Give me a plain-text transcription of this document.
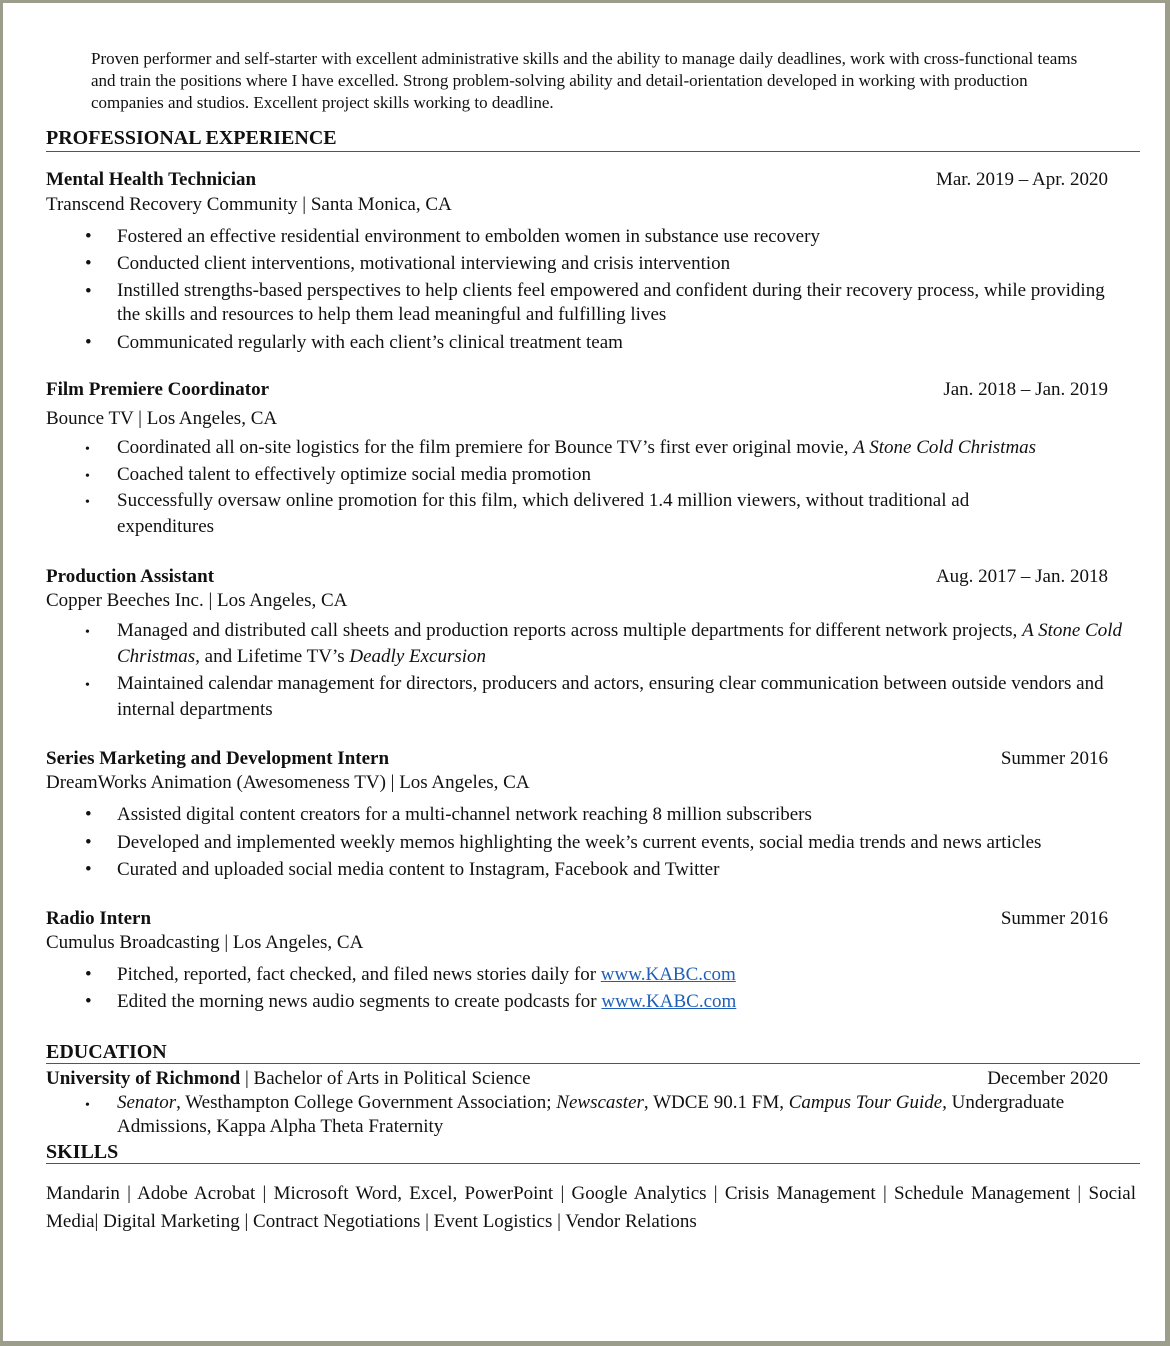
Proven performer and self-starter with excellent administrative skills and the ability to manage daily deadlines, work with cross-functional teams and train the positions where I have excelled. Strong problem-solving ability and detail-orientation developed in working with production companies and studios. Excellent project skills working to deadline.
PROFESSIONAL EXPERIENCE
Mental Health Technician	Mar. 2019 – Apr. 2020
Transcend Recovery Community | Santa Monica, CA
• Fostered an effective residential environment to embolden women in substance use recovery
• Conducted client interventions, motivational interviewing and crisis intervention
• Instilled strengths-based perspectives to help clients feel empowered and confident during their recovery process, while providing the skills and resources to help them lead meaningful and fulfilling lives
• Communicated regularly with each client’s clinical treatment team
Film Premiere Coordinator	Jan. 2018 – Jan. 2019
Bounce TV | Los Angeles, CA
• Coordinated all on-site logistics for the film premiere for Bounce TV’s first ever original movie, A Stone Cold Christmas
• Coached talent to effectively optimize social media promotion
• Successfully oversaw online promotion for this film, which delivered 1.4 million viewers, without traditional ad expenditures
Production Assistant	Aug. 2017 – Jan. 2018
Copper Beeches Inc. | Los Angeles, CA
• Managed and distributed call sheets and production reports across multiple departments for different network projects, A Stone Cold Christmas, and Lifetime TV’s Deadly Excursion
• Maintained calendar management for directors, producers and actors, ensuring clear communication between outside vendors and internal departments
Series Marketing and Development Intern	Summer 2016
DreamWorks Animation (Awesomeness TV) | Los Angeles, CA
• Assisted digital content creators for a multi-channel network reaching 8 million subscribers
• Developed and implemented weekly memos highlighting the week’s current events, social media trends and news articles
• Curated and uploaded social media content to Instagram, Facebook and Twitter
Radio Intern	Summer 2016
Cumulus Broadcasting | Los Angeles, CA
• Pitched, reported, fact checked, and filed news stories daily for www.KABC.com
• Edited the morning news audio segments to create podcasts for www.KABC.com
EDUCATION
University of Richmond | Bachelor of Arts in Political Science	December 2020
• Senator, Westhampton College Government Association; Newscaster, WDCE 90.1 FM, Campus Tour Guide, Undergraduate Admissions, Kappa Alpha Theta Fraternity
SKILLS
Mandarin | Adobe Acrobat | Microsoft Word, Excel, PowerPoint | Google Analytics | Crisis Management | Schedule Management | Social Media| Digital Marketing | Contract Negotiations | Event Logistics | Vendor Relations
